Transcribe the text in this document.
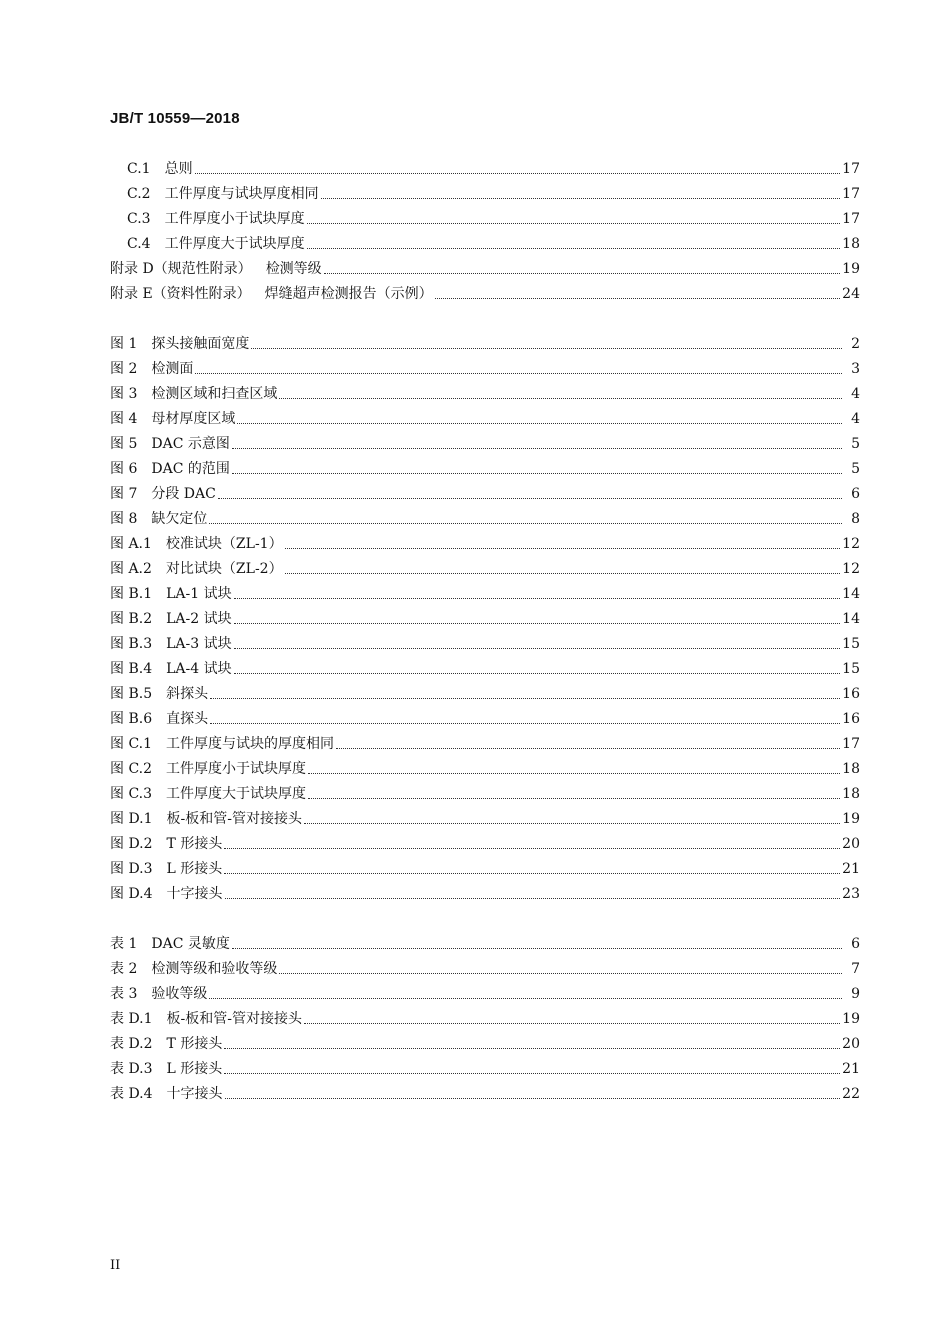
JB/T 10559—2018
C.1 总则	17
C.2 工件厚度与试块厚度相同	17
C.3 工件厚度小于试块厚度	17
C.4 工件厚度大于试块厚度	18
附录 D（规范性附录） 检测等级	19
附录 E（资料性附录） 焊缝超声检测报告（示例）	24
图 1 探头接触面宽度	2
图 2 检测面	3
图 3 检测区域和扫查区域	4
图 4 母材厚度区域	4
图 5 DAC 示意图	5
图 6 DAC 的范围	5
图 7 分段 DAC	6
图 8 缺欠定位	8
图 A.1 校准试块（ZL-1）	12
图 A.2 对比试块（ZL-2）	12
图 B.1 LA-1 试块	14
图 B.2 LA-2 试块	14
图 B.3 LA-3 试块	15
图 B.4 LA-4 试块	15
图 B.5 斜探头	16
图 B.6 直探头	16
图 C.1 工件厚度与试块的厚度相同	17
图 C.2 工件厚度小于试块厚度	18
图 C.3 工件厚度大于试块厚度	18
图 D.1 板-板和管-管对接接头	19
图 D.2 T 形接头	20
图 D.3 L 形接头	21
图 D.4 十字接头	23
表 1 DAC 灵敏度	6
表 2 检测等级和验收等级	7
表 3 验收等级	9
表 D.1 板-板和管-管对接接头	19
表 D.2 T 形接头	20
表 D.3 L 形接头	21
表 D.4 十字接头	22
II
